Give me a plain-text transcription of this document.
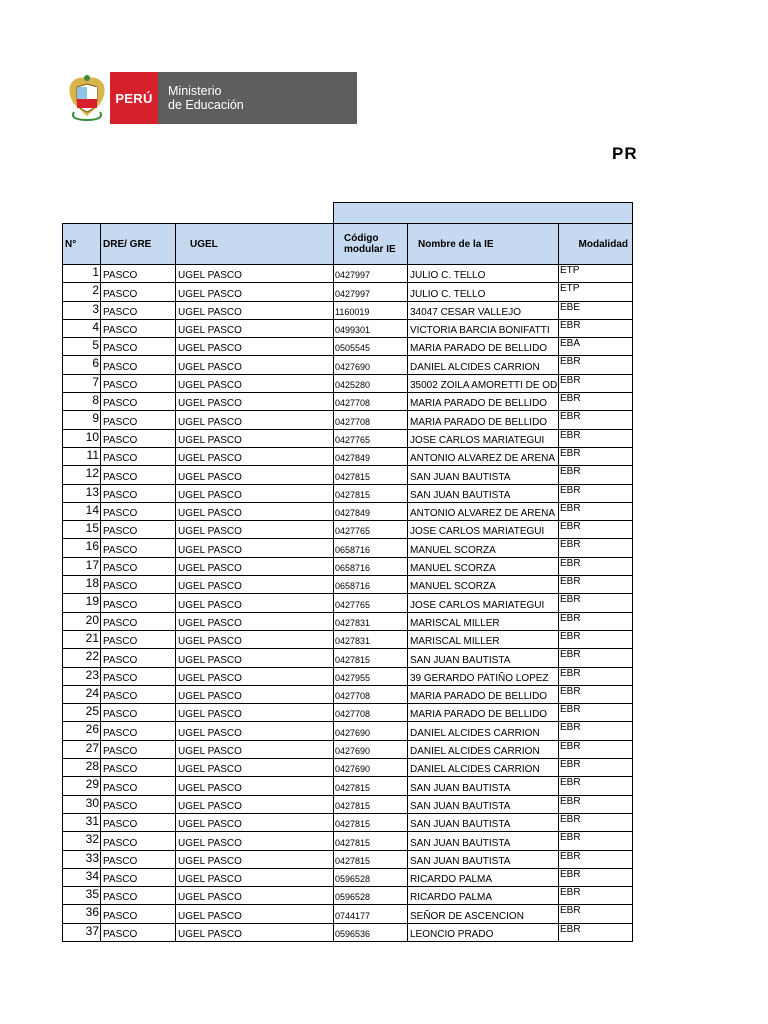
PERÚ	Ministerio
de Educación
PR

N°	DRE/ GRE	UGEL	Código modular IE	Nombre de la IE	Modalidad
1	PASCO	UGEL PASCO	0427997	JULIO C. TELLO	ETP
2	PASCO	UGEL PASCO	0427997	JULIO C. TELLO	ETP
3	PASCO	UGEL PASCO	1160019	34047 CESAR VALLEJO	EBE
4	PASCO	UGEL PASCO	0499301	VICTORIA BARCIA BONIFATTI	EBR
5	PASCO	UGEL PASCO	0505545	MARIA PARADO DE BELLIDO	EBA
6	PASCO	UGEL PASCO	0427690	DANIEL ALCIDES CARRION	EBR
7	PASCO	UGEL PASCO	0425280	35002 ZOILA AMORETTI DE OD	EBR
8	PASCO	UGEL PASCO	0427708	MARIA PARADO DE BELLIDO	EBR
9	PASCO	UGEL PASCO	0427708	MARIA PARADO DE BELLIDO	EBR
10	PASCO	UGEL PASCO	0427765	JOSE CARLOS MARIATEGUI	EBR
11	PASCO	UGEL PASCO	0427849	ANTONIO ALVAREZ DE ARENA	EBR
12	PASCO	UGEL PASCO	0427815	SAN JUAN BAUTISTA	EBR
13	PASCO	UGEL PASCO	0427815	SAN JUAN BAUTISTA	EBR
14	PASCO	UGEL PASCO	0427849	ANTONIO ALVAREZ DE ARENA	EBR
15	PASCO	UGEL PASCO	0427765	JOSE CARLOS MARIATEGUI	EBR
16	PASCO	UGEL PASCO	0658716	MANUEL SCORZA	EBR
17	PASCO	UGEL PASCO	0658716	MANUEL SCORZA	EBR
18	PASCO	UGEL PASCO	0658716	MANUEL SCORZA	EBR
19	PASCO	UGEL PASCO	0427765	JOSE CARLOS MARIATEGUI	EBR
20	PASCO	UGEL PASCO	0427831	MARISCAL MILLER	EBR
21	PASCO	UGEL PASCO	0427831	MARISCAL MILLER	EBR
22	PASCO	UGEL PASCO	0427815	SAN JUAN BAUTISTA	EBR
23	PASCO	UGEL PASCO	0427955	39 GERARDO PATIÑO LOPEZ	EBR
24	PASCO	UGEL PASCO	0427708	MARIA PARADO DE BELLIDO	EBR
25	PASCO	UGEL PASCO	0427708	MARIA PARADO DE BELLIDO	EBR
26	PASCO	UGEL PASCO	0427690	DANIEL ALCIDES CARRION	EBR
27	PASCO	UGEL PASCO	0427690	DANIEL ALCIDES CARRION	EBR
28	PASCO	UGEL PASCO	0427690	DANIEL ALCIDES CARRION	EBR
29	PASCO	UGEL PASCO	0427815	SAN JUAN BAUTISTA	EBR
30	PASCO	UGEL PASCO	0427815	SAN JUAN BAUTISTA	EBR
31	PASCO	UGEL PASCO	0427815	SAN JUAN BAUTISTA	EBR
32	PASCO	UGEL PASCO	0427815	SAN JUAN BAUTISTA	EBR
33	PASCO	UGEL PASCO	0427815	SAN JUAN BAUTISTA	EBR
34	PASCO	UGEL PASCO	0596528	RICARDO PALMA	EBR
35	PASCO	UGEL PASCO	0596528	RICARDO PALMA	EBR
36	PASCO	UGEL PASCO	0744177	SEÑOR DE ASCENCION	EBR
37	PASCO	UGEL PASCO	0596536	LEONCIO PRADO	EBR
